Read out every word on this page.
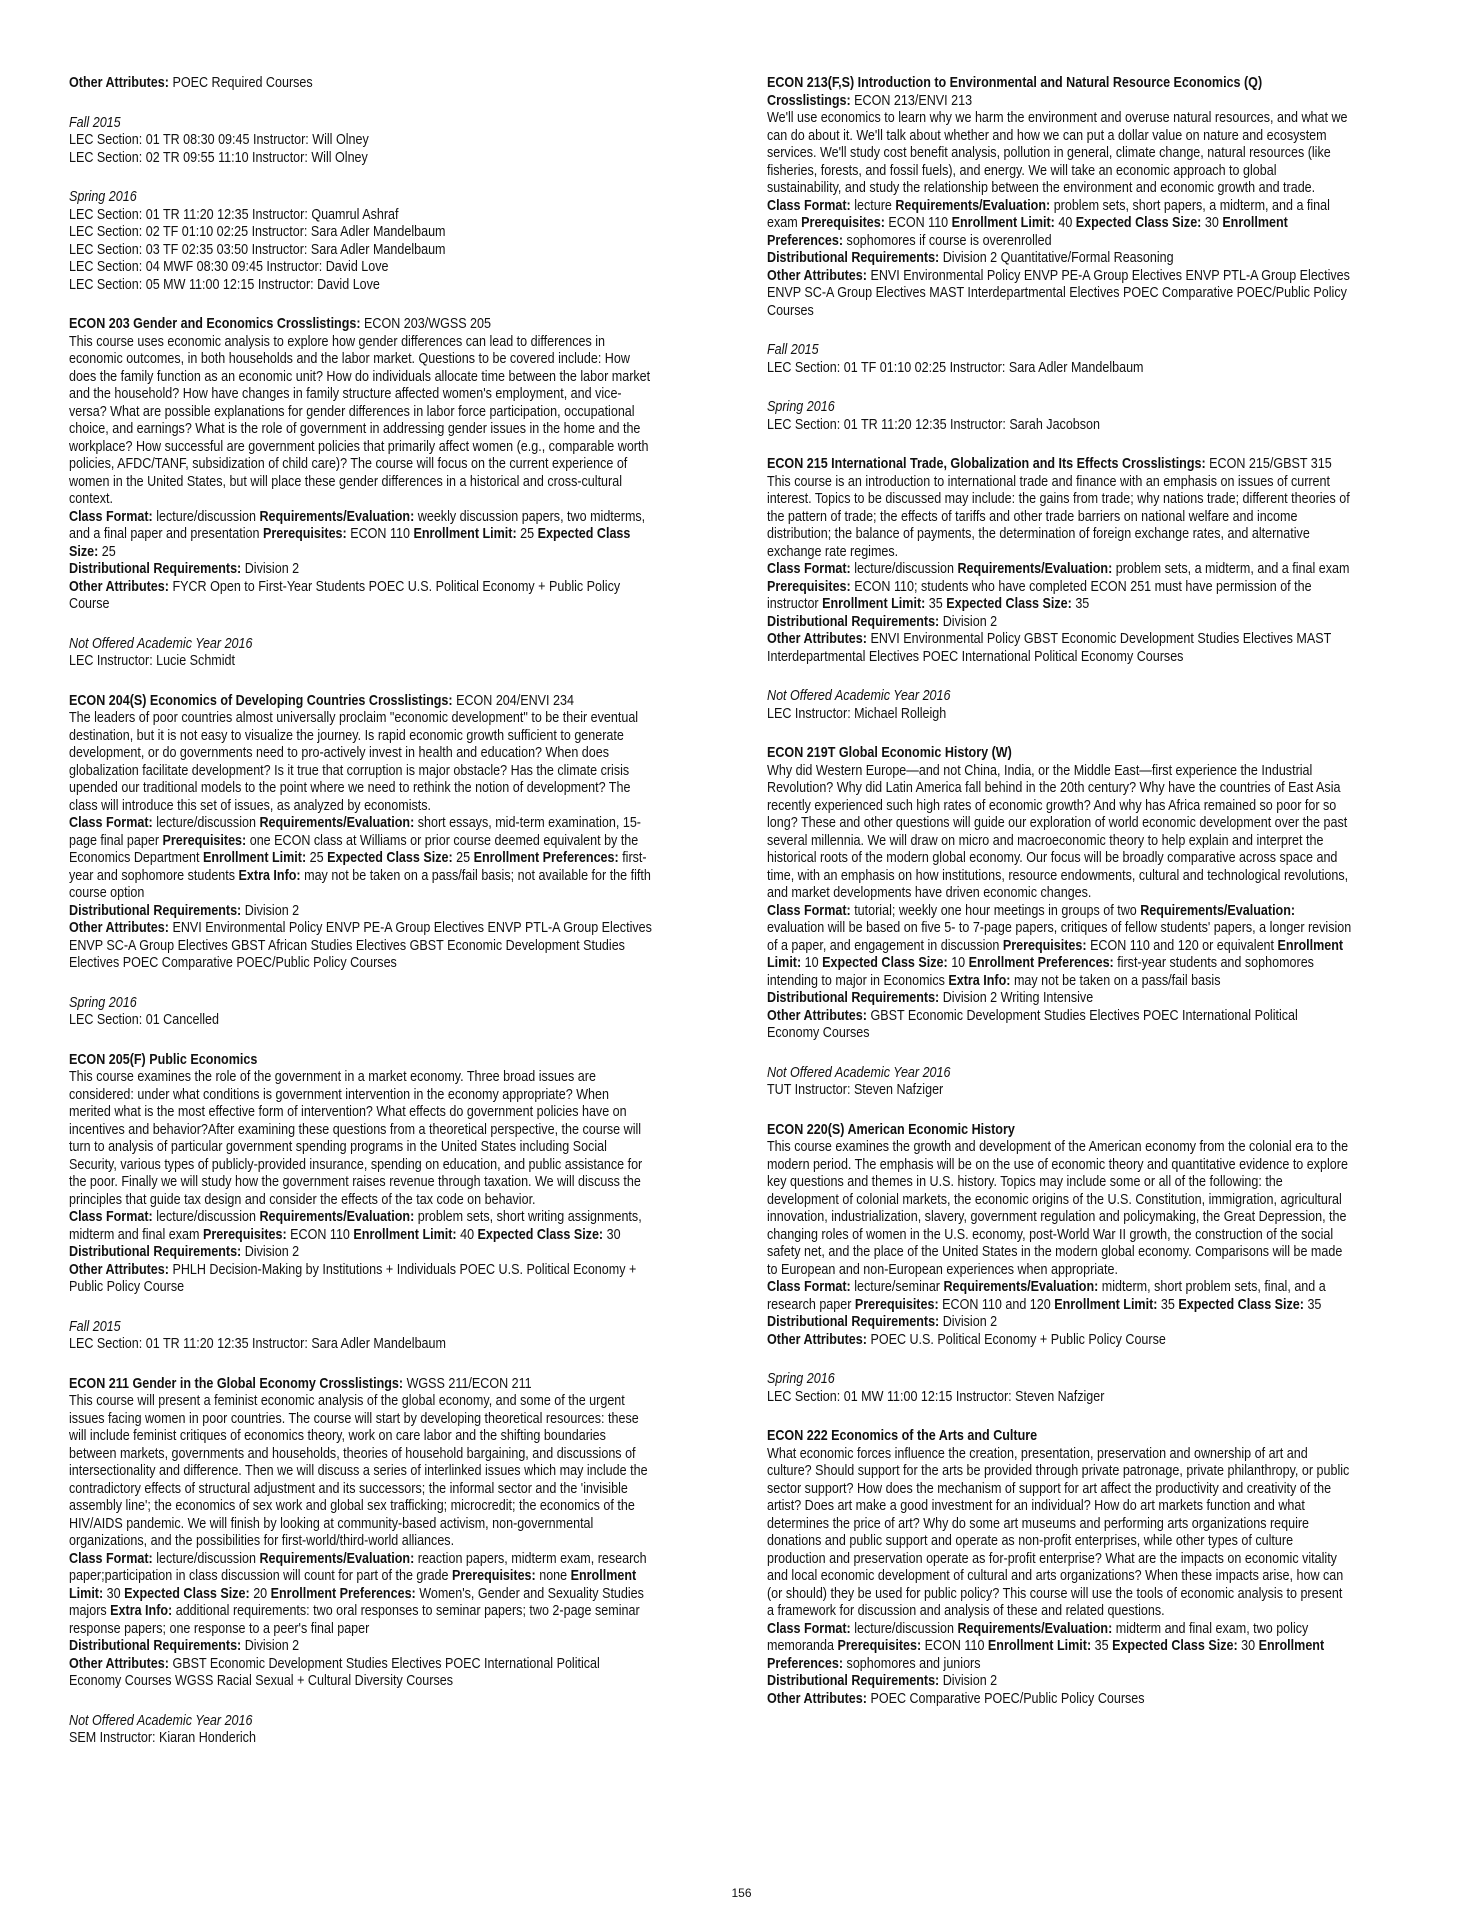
Other Attributes: POEC Required Courses
Fall 2015
LEC Section: 01 TR 08:30 09:45 Instructor: Will Olney
LEC Section: 02 TR 09:55 11:10 Instructor: Will Olney
Spring 2016
LEC Section: 01 TR 11:20 12:35 Instructor: Quamrul Ashraf
LEC Section: 02 TF 01:10 02:25 Instructor: Sara Adler Mandelbaum
LEC Section: 03 TF 02:35 03:50 Instructor: Sara Adler Mandelbaum
LEC Section: 04 MWF 08:30 09:45 Instructor: David Love
LEC Section: 05 MW 11:00 12:15 Instructor: David Love
ECON 203 Gender and Economics Crosslistings: ECON 203/WGSS 205
This course uses economic analysis to explore how gender differences can lead to differences in economic outcomes, in both households and the labor market. Questions to be covered include: How does the family function as an economic unit? How do individuals allocate time between the labor market and the household? How have changes in family structure affected women's employment, and vice-versa? What are possible explanations for gender differences in labor force participation, occupational choice, and earnings? What is the role of government in addressing gender issues in the home and the workplace? How successful are government policies that primarily affect women (e.g., comparable worth policies, AFDC/TANF, subsidization of child care)? The course will focus on the current experience of women in the United States, but will place these gender differences in a historical and cross-cultural context.
Class Format: lecture/discussion Requirements/Evaluation: weekly discussion papers, two midterms, and a final paper and presentation Prerequisites: ECON 110 Enrollment Limit: 25 Expected Class Size: 25
Distributional Requirements: Division 2
Other Attributes: FYCR Open to First-Year Students POEC U.S. Political Economy + Public Policy Course
Not Offered Academic Year 2016
LEC Instructor: Lucie Schmidt
ECON 204(S) Economics of Developing Countries Crosslistings: ECON 204/ENVI 234
The leaders of poor countries almost universally proclaim "economic development" to be their eventual destination, but it is not easy to visualize the journey. Is rapid economic growth sufficient to generate development, or do governments need to pro-actively invest in health and education? When does globalization facilitate development? Is it true that corruption is major obstacle? Has the climate crisis upended our traditional models to the point where we need to rethink the notion of development? The class will introduce this set of issues, as analyzed by economists.
Class Format: lecture/discussion Requirements/Evaluation: short essays, mid-term examination, 15-page final paper Prerequisites: one ECON class at Williams or prior course deemed equivalent by the Economics Department Enrollment Limit: 25 Expected Class Size: 25 Enrollment Preferences: first-year and sophomore students Extra Info: may not be taken on a pass/fail basis; not available for the fifth course option
Distributional Requirements: Division 2
Other Attributes: ENVI Environmental Policy ENVP PE-A Group Electives ENVP PTL-A Group Electives ENVP SC-A Group Electives GBST African Studies Electives GBST Economic Development Studies Electives POEC Comparative POEC/Public Policy Courses
Spring 2016
LEC Section: 01 Cancelled
ECON 205(F) Public Economics
This course examines the role of the government in a market economy. Three broad issues are considered: under what conditions is government intervention in the economy appropriate? When merited what is the most effective form of intervention? What effects do government policies have on incentives and behavior?After examining these questions from a theoretical perspective, the course will turn to analysis of particular government spending programs in the United States including Social Security, various types of publicly-provided insurance, spending on education, and public assistance for the poor. Finally we will study how the government raises revenue through taxation. We will discuss the principles that guide tax design and consider the effects of the tax code on behavior.
Class Format: lecture/discussion Requirements/Evaluation: problem sets, short writing assignments, midterm and final exam Prerequisites: ECON 110 Enrollment Limit: 40 Expected Class Size: 30
Distributional Requirements: Division 2
Other Attributes: PHLH Decision-Making by Institutions + Individuals POEC U.S. Political Economy + Public Policy Course
Fall 2015
LEC Section: 01 TR 11:20 12:35 Instructor: Sara Adler Mandelbaum
ECON 211 Gender in the Global Economy Crosslistings: WGSS 211/ECON 211
This course will present a feminist economic analysis of the global economy, and some of the urgent issues facing women in poor countries. The course will start by developing theoretical resources: these will include feminist critiques of economics theory, work on care labor and the shifting boundaries between markets, governments and households, theories of household bargaining, and discussions of intersectionality and difference. Then we will discuss a series of interlinked issues which may include the contradictory effects of structural adjustment and its successors; the informal sector and the 'invisible assembly line'; the economics of sex work and global sex trafficking; microcredit; the economics of the HIV/AIDS pandemic. We will finish by looking at community-based activism, non-governmental organizations, and the possibilities for first-world/third-world alliances.
Class Format: lecture/discussion Requirements/Evaluation: reaction papers, midterm exam, research paper;participation in class discussion will count for part of the grade Prerequisites: none Enrollment Limit: 30 Expected Class Size: 20 Enrollment Preferences: Women's, Gender and Sexuality Studies majors Extra Info: additional requirements: two oral responses to seminar papers; two 2-page seminar response papers; one response to a peer's final paper
Distributional Requirements: Division 2
Other Attributes: GBST Economic Development Studies Electives POEC International Political Economy Courses WGSS Racial Sexual + Cultural Diversity Courses
Not Offered Academic Year 2016
SEM Instructor: Kiaran Honderich
ECON 213(F,S) Introduction to Environmental and Natural Resource Economics (Q)
Crosslistings: ECON 213/ENVI 213
We'll use economics to learn why we harm the environment and overuse natural resources, and what we can do about it. We'll talk about whether and how we can put a dollar value on nature and ecosystem services. We'll study cost benefit analysis, pollution in general, climate change, natural resources (like fisheries, forests, and fossil fuels), and energy. We will take an economic approach to global sustainability, and study the relationship between the environment and economic growth and trade.
Class Format: lecture Requirements/Evaluation: problem sets, short papers, a midterm, and a final exam Prerequisites: ECON 110 Enrollment Limit: 40 Expected Class Size: 30 Enrollment Preferences: sophomores if course is overenrolled
Distributional Requirements: Division 2 Quantitative/Formal Reasoning
Other Attributes: ENVI Environmental Policy ENVP PE-A Group Electives ENVP PTL-A Group Electives ENVP SC-A Group Electives MAST Interdepartmental Electives POEC Comparative POEC/Public Policy Courses
Fall 2015
LEC Section: 01 TF 01:10 02:25 Instructor: Sara Adler Mandelbaum
Spring 2016
LEC Section: 01 TR 11:20 12:35 Instructor: Sarah Jacobson
ECON 215 International Trade, Globalization and Its Effects Crosslistings: ECON 215/GBST 315
This course is an introduction to international trade and finance with an emphasis on issues of current interest. Topics to be discussed may include: the gains from trade; why nations trade; different theories of the pattern of trade; the effects of tariffs and other trade barriers on national welfare and income distribution; the balance of payments, the determination of foreign exchange rates, and alternative exchange rate regimes.
Class Format: lecture/discussion Requirements/Evaluation: problem sets, a midterm, and a final exam Prerequisites: ECON 110; students who have completed ECON 251 must have permission of the instructor Enrollment Limit: 35 Expected Class Size: 35
Distributional Requirements: Division 2
Other Attributes: ENVI Environmental Policy GBST Economic Development Studies Electives MAST Interdepartmental Electives POEC International Political Economy Courses
Not Offered Academic Year 2016
LEC Instructor: Michael Rolleigh
ECON 219T Global Economic History (W)
Why did Western Europe—and not China, India, or the Middle East—first experience the Industrial Revolution? Why did Latin America fall behind in the 20th century? Why have the countries of East Asia recently experienced such high rates of economic growth? And why has Africa remained so poor for so long? These and other questions will guide our exploration of world economic development over the past several millennia. We will draw on micro and macroeconomic theory to help explain and interpret the historical roots of the modern global economy. Our focus will be broadly comparative across space and time, with an emphasis on how institutions, resource endowments, cultural and technological revolutions, and market developments have driven economic changes.
Class Format: tutorial; weekly one hour meetings in groups of two Requirements/Evaluation: evaluation will be based on five 5- to 7-page papers, critiques of fellow students' papers, a longer revision of a paper, and engagement in discussion Prerequisites: ECON 110 and 120 or equivalent Enrollment Limit: 10 Expected Class Size: 10 Enrollment Preferences: first-year students and sophomores intending to major in Economics Extra Info: may not be taken on a pass/fail basis
Distributional Requirements: Division 2 Writing Intensive
Other Attributes: GBST Economic Development Studies Electives POEC International Political Economy Courses
Not Offered Academic Year 2016
TUT Instructor: Steven Nafziger
ECON 220(S) American Economic History
This course examines the growth and development of the American economy from the colonial era to the modern period. The emphasis will be on the use of economic theory and quantitative evidence to explore key questions and themes in U.S. history. Topics may include some or all of the following: the development of colonial markets, the economic origins of the U.S. Constitution, immigration, agricultural innovation, industrialization, slavery, government regulation and policymaking, the Great Depression, the changing roles of women in the U.S. economy, post-World War II growth, the construction of the social safety net, and the place of the United States in the modern global economy. Comparisons will be made to European and non-European experiences when appropriate.
Class Format: lecture/seminar Requirements/Evaluation: midterm, short problem sets, final, and a research paper Prerequisites: ECON 110 and 120 Enrollment Limit: 35 Expected Class Size: 35
Distributional Requirements: Division 2
Other Attributes: POEC U.S. Political Economy + Public Policy Course
Spring 2016
LEC Section: 01 MW 11:00 12:15 Instructor: Steven Nafziger
ECON 222 Economics of the Arts and Culture
What economic forces influence the creation, presentation, preservation and ownership of art and culture? Should support for the arts be provided through private patronage, private philanthropy, or public sector support? How does the mechanism of support for art affect the productivity and creativity of the artist? Does art make a good investment for an individual? How do art markets function and what determines the price of art? Why do some art museums and performing arts organizations require donations and public support and operate as non-profit enterprises, while other types of culture production and preservation operate as for-profit enterprise? What are the impacts on economic vitality and local economic development of cultural and arts organizations? When these impacts arise, how can (or should) they be used for public policy? This course will use the tools of economic analysis to present a framework for discussion and analysis of these and related questions.
Class Format: lecture/discussion Requirements/Evaluation: midterm and final exam, two policy memoranda Prerequisites: ECON 110 Enrollment Limit: 35 Expected Class Size: 30 Enrollment Preferences: sophomores and juniors
Distributional Requirements: Division 2
Other Attributes: POEC Comparative POEC/Public Policy Courses
156
